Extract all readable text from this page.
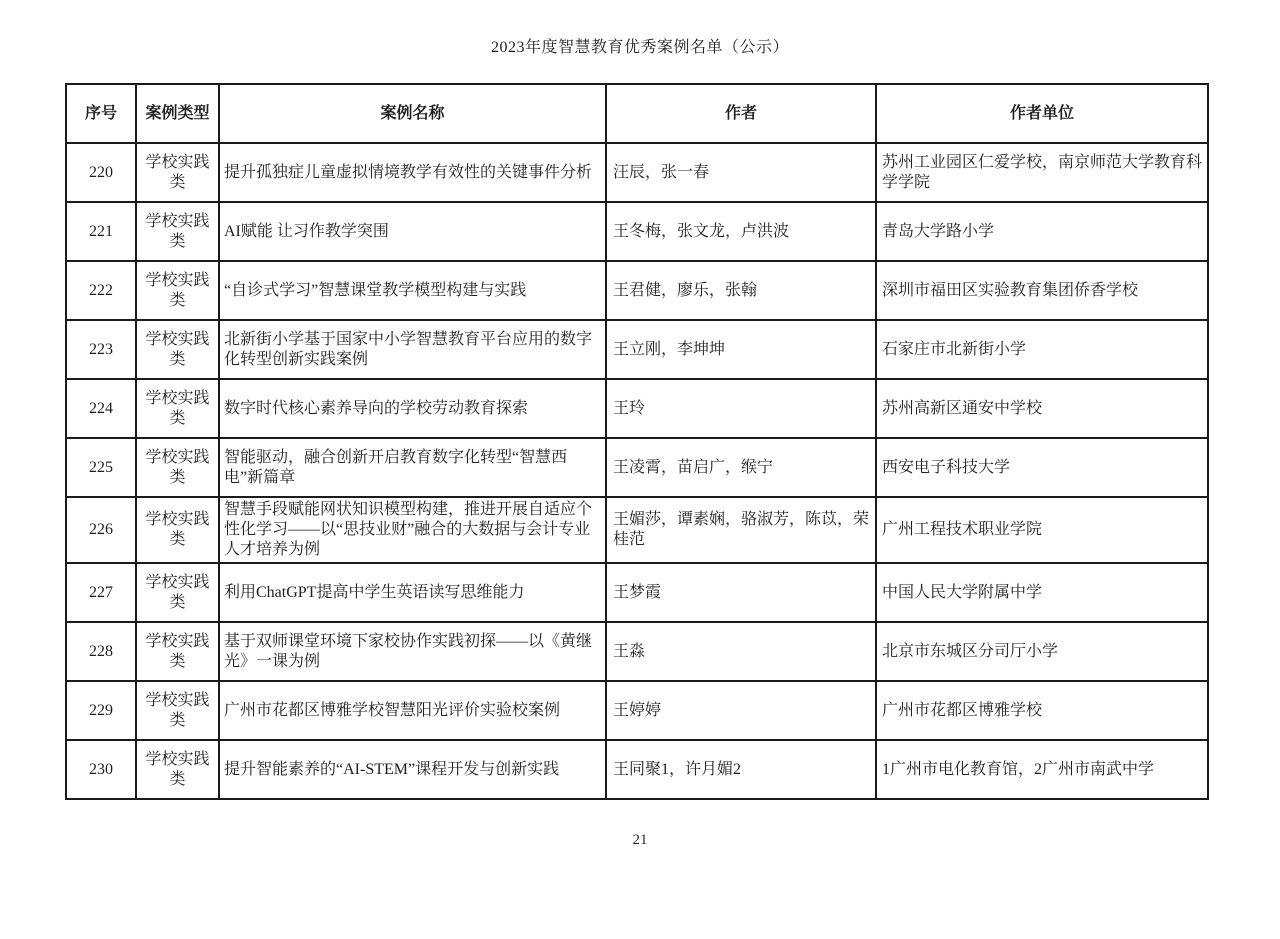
2023年度智慧教育优秀案例名单（公示）
序号	案例类型	案例名称	作者	作者单位
220	学校实践类	提升孤独症儿童虚拟情境教学有效性的关键事件分析	汪辰，张一春	苏州工业园区仁爱学校，南京师范大学教育科学学院
221	学校实践类	AI赋能 让习作教学突围	王冬梅，张文龙，卢洪波	青岛大学路小学
222	学校实践类	“自诊式学习”智慧课堂教学模型构建与实践	王君健，廖乐，张翰	深圳市福田区实验教育集团侨香学校
223	学校实践类	北新街小学基于国家中小学智慧教育平台应用的数字化转型创新实践案例	王立刚，李坤坤	石家庄市北新街小学
224	学校实践类	数字时代核心素养导向的学校劳动教育探索	王玲	苏州高新区通安中学校
225	学校实践类	智能驱动，融合创新开启教育数字化转型“智慧西电”新篇章	王凌霄，苗启广，缑宁	西安电子科技大学
226	学校实践类	智慧手段赋能网状知识模型构建，推进开展自适应个性化学习——以“思技业财”融合的大数据与会计专业人才培养为例	王媚莎，谭素娴，骆淑芳，陈苡，荣桂范	广州工程技术职业学院
227	学校实践类	利用ChatGPT提高中学生英语读写思维能力	王梦霞	中国人民大学附属中学
228	学校实践类	基于双师课堂环境下家校协作实践初探——以《黄继光》一课为例	王淼	北京市东城区分司厅小学
229	学校实践类	广州市花都区博雅学校智慧阳光评价实验校案例	王婷婷	广州市花都区博雅学校
230	学校实践类	提升智能素养的“AI-STEM”课程开发与创新实践	王同聚1，许月媚2	1广州市电化教育馆，2广州市南武中学
21
